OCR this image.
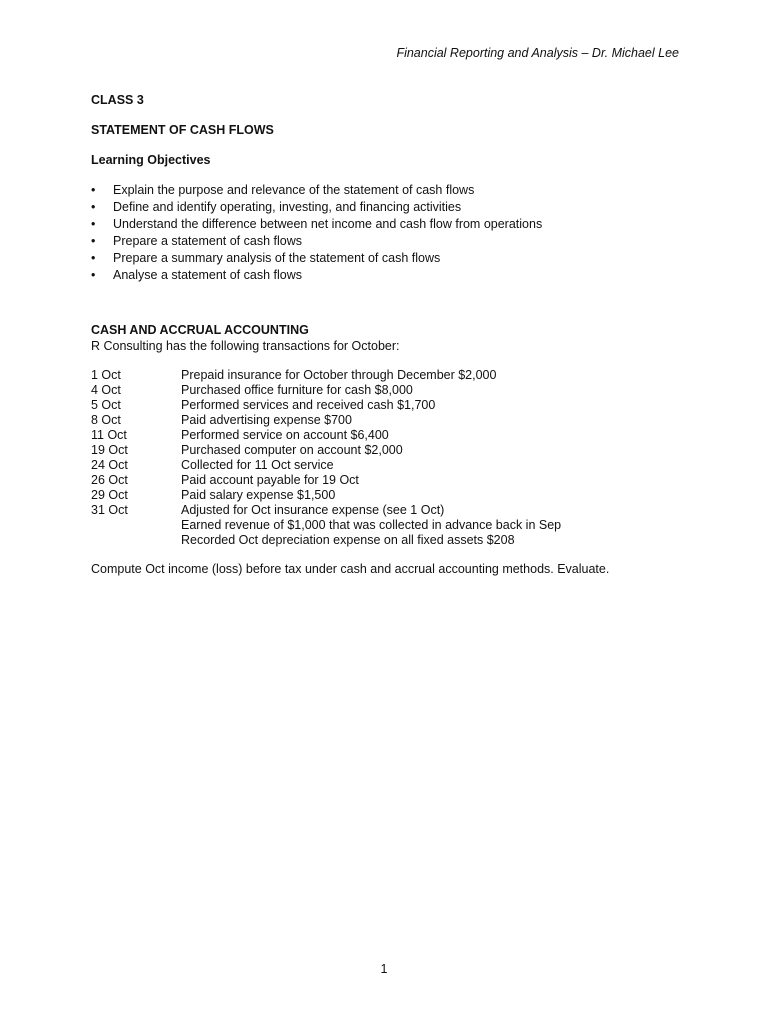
Financial Reporting and Analysis – Dr. Michael Lee
CLASS 3
STATEMENT OF CASH FLOWS
Learning Objectives
• Explain the purpose and relevance of the statement of cash flows
• Define and identify operating, investing, and financing activities
• Understand the difference between net income and cash flow from operations
• Prepare a statement of cash flows
• Prepare a summary analysis of the statement of cash flows
• Analyse a statement of cash flows
CASH AND ACCRUAL ACCOUNTING
R Consulting has the following transactions for October:
1 Oct	Prepaid insurance for October through December $2,000
4 Oct	Purchased office furniture for cash $8,000
5 Oct	Performed services and received cash $1,700
8 Oct	Paid advertising expense $700
11 Oct	Performed service on account $6,400
19 Oct	Purchased computer on account $2,000
24 Oct	Collected for 11 Oct service
26 Oct	Paid account payable for 19 Oct
29 Oct	Paid salary expense $1,500
31 Oct	Adjusted for Oct insurance expense (see 1 Oct)
Earned revenue of $1,000 that was collected in advance back in Sep
Recorded Oct depreciation expense on all fixed assets $208
Compute Oct income (loss) before tax under cash and accrual accounting methods. Evaluate.
1
